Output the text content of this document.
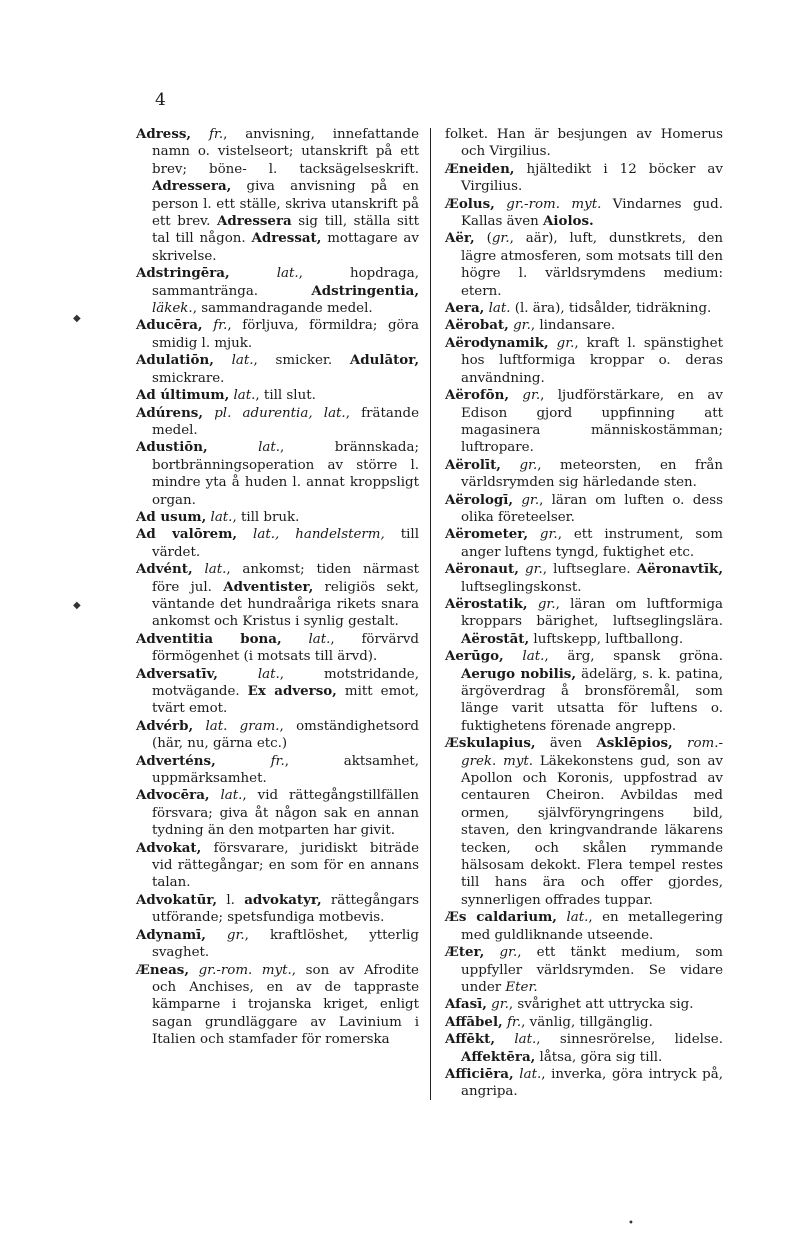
4

Adress, fr., anvisning, innefattande namn o. vistelseort; utanskrift på ett brev; böne- l. tacksägelseskrift. Adressera, giva anvisning på en person l. ett ställe, skriva utanskrift på ett brev. Adressera sig till, ställa sitt tal till någon. Adressat, mottagare av skrivelse.

Adstringēra,	lat., hopdraga, sammantränga. Adstringentia, läkek., sammandragande medel.

Aducēra, fr., förljuva, förmildra; göra smidig l. mjuk.

Adulatiōn, lat., smicker. Adulātor, smickrare.

Ad últimum, lat., till slut.

Adúrens, pl. adurentia, lat., frätande medel.

Adustiōn,	lat., brännskada; bortbränningsoperation av större l. mindre yta å huden l. annat kroppsligt organ.

Ad usum, lat., till bruk.

Ad valōrem, lat., handelsterm, till värdet.

Advént, lat., ankomst; tiden närmast före jul. Adventister, religiös sekt, väntande det hundraåriga rikets snara ankomst och Kristus i synlig gestalt.

Adventitia bona, lat., förvärvd förmögenhet (i motsats till ärvd).

Adversatīv,	lat., motstridande, motvägande. Ex adverso, mitt emot, tvärt emot.

Advérb, lat. gram., omständighetsord (här, nu, gärna etc.)

Adverténs,	fr., aktsamhet, uppmärksamhet.

Advocēra, lat., vid rättegångstillfällen försvara; giva åt någon sak en annan tydning än den motparten har givit.

Advokat, försvarare, juridiskt biträde vid rättegångar; en som för en annans talan.

Advokatūr, l. advokatyr, rättegångars utförande; spetsfundiga motbevis.

Adynamī, gr., kraftlöshet, ytterlig svaghet.

Æneas, gr.-rom. myt., son av Afrodite och Anchises, en av de tappraste kämparne i trojanska kriget, enligt sagan grundläggare av Lavinium i Italien och stamfader för romerska

folket. Han är besjungen av Homerus och Virgilius.

Æneiden, hjältedikt i 12 böcker av Virgilius.

Æolus, gr.-rom. myt. Vindarnes gud. Kallas även Aiolos.

Aër, (gr., aär), luft, dunstkrets, den lägre atmosferen, som motsats till den högre l. världsrymdens medium: etern.

Aera, lat. (l. ära), tidsålder, tidräkning.

Aërobat, gr., lindansare.

Aërodynamik, gr., kraft l. spänstighet hos luftformiga kroppar o. deras användning.

Aërofōn, gr., ljudförstärkare, en av Edison gjord uppfinning att magasinera människostämman; luftropare.

Aërolīt, gr., meteorsten, en från världsrymden sig härledande sten.

Aërologī, gr., läran om luften o. dess olika företeelser.

Aërometer, gr., ett instrument, som anger luftens tyngd, fuktighet etc.

Aëronaut, gr., luftseglare. Aëronavtīk, luftseglingskonst.

Aërostatik, gr., läran om luftformiga kroppars bärighet, luftseglingslära. Aërostāt, luftskepp, luftballong.

Aerūgo, lat., ärg, spansk gröna. Aerugo nobilis, ädelärg, s. k. patina, ärgöverdrag å bronsföremål, som länge varit utsatta för luftens o. fuktighetens förenade angrepp.

Æskulapius, även Asklēpios, rom.-grek. myt. Läkekonstens gud, son av Apollon och Koronis, uppfostrad av centauren Cheiron. Avbildas med ormen, självföryngringens bild, staven, den kringvandrande läkarens tecken, och skålen rymmande hälsosam dekokt. Flera tempel restes till hans ära och offer gjordes, synnerligen offrades tuppar.

Æs caldarium, lat., en metallegering med guldliknande utseende.

Æter, gr., ett tänkt medium, som uppfyller världsrymden. Se vidare under Eter.

Afasī, gr., svårighet att uttrycka sig.

Affābel, fr., vänlig, tillgänglig.

Affēkt, lat., sinnesrörelse, lidelse. Affektēra, låtsa, göra sig till.

Afficiēra, lat., inverka, göra intryck på, angripa.

◆
◆
•
